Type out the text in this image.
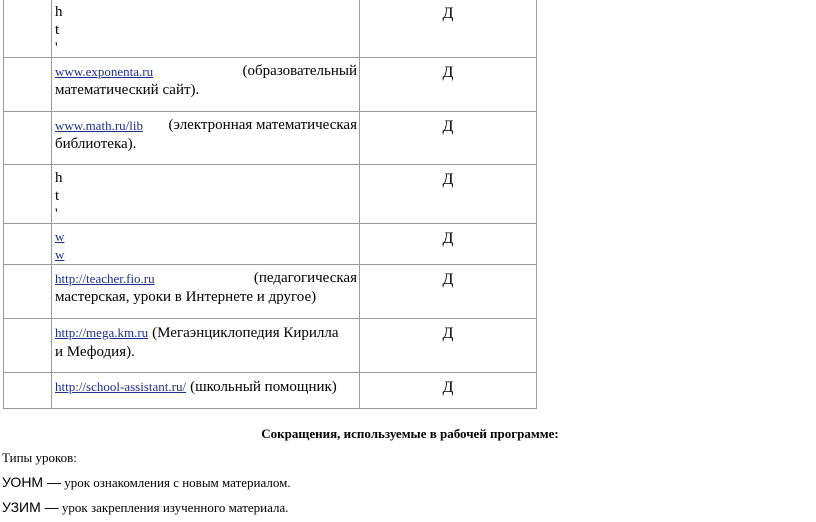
	h
t
'	Д

	www.exponenta.ru (образовательный
математический сайт).	Д

	www.math.ru/lib (электронная математическая
библиотека).	Д

	h
t
'	Д

	w
w	Д

	http://teacher.fio.ru (педагогическая
мастерская, уроки в Интернете и другое)	Д

	http://mega.km.ru (Мегаэнциклопедия Кирилла
и Мефодия).	Д

	http://school-assistant.ru/ (школьный помощник)	Д
Сокращения, используемые в рабочей программе:
Типы уроков:
УОНМ — урок ознакомления с новым материалом.
УЗИМ — урок закрепления изученного материала.
